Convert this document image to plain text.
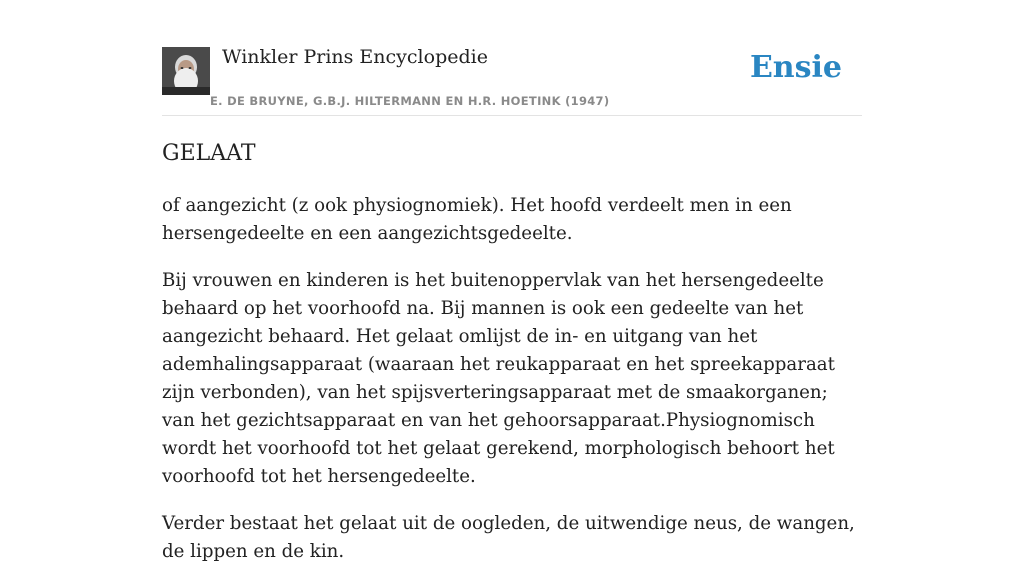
Winkler Prins Encyclopedie
E. DE BRUYNE, G.B.J. HILTERMANN EN H.R. HOETINK (1947)
Ensie
GELAAT

of aangezicht (z ook physiognomiek). Het hoofd verdeelt men in een hersengedeelte en een aangezichtsgedeelte.

Bij vrouwen en kinderen is het buitenoppervlak van het hersengedeelte behaard op het voorhoofd na. Bij mannen is ook een gedeelte van het aangezicht behaard. Het gelaat omlijst de in- en uitgang van het ademhalingsapparaat (waaraan het reukapparaat en het spreekapparaat zijn verbonden), van het spijsverteringsapparaat met de smaakorganen; van het gezichtsapparaat en van het gehoorsapparaat.Physiognomisch wordt het voorhoofd tot het gelaat gerekend, morphologisch behoort het voorhoofd tot het hersengedeelte.

Verder bestaat het gelaat uit de oogleden, de uitwendige neus, de wangen, de lippen en de kin.
